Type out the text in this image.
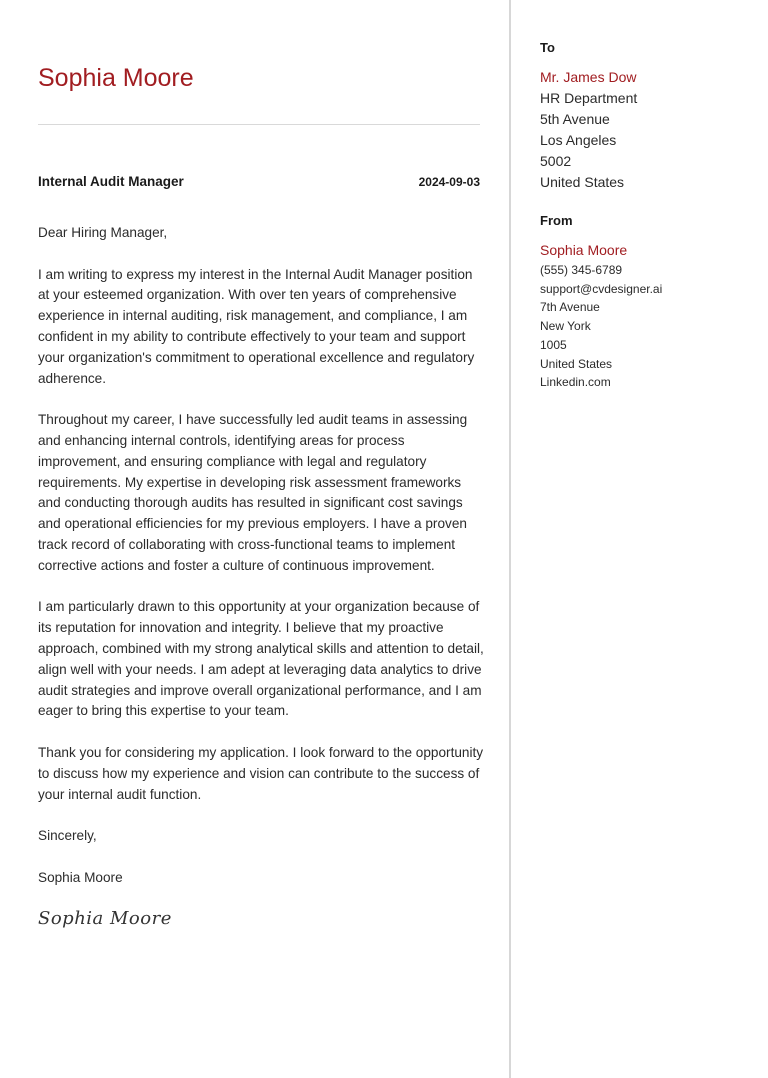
Sophia Moore
Internal Audit Manager	2024-09-03

Dear Hiring Manager,

I am writing to express my interest in the Internal Audit Manager position at your esteemed organization. With over ten years of comprehensive experience in internal auditing, risk management, and compliance, I am confident in my ability to contribute effectively to your team and support your organization's commitment to operational excellence and regulatory adherence.

Throughout my career, I have successfully led audit teams in assessing and enhancing internal controls, identifying areas for process improvement, and ensuring compliance with legal and regulatory requirements. My expertise in developing risk assessment frameworks and conducting thorough audits has resulted in significant cost savings and operational efficiencies for my previous employers. I have a proven track record of collaborating with cross-functional teams to implement corrective actions and foster a culture of continuous improvement.

I am particularly drawn to this opportunity at your organization because of its reputation for innovation and integrity. I believe that my proactive approach, combined with my strong analytical skills and attention to detail, align well with your needs. I am adept at leveraging data analytics to drive audit strategies and improve overall organizational performance, and I am eager to bring this expertise to your team.

Thank you for considering my application. I look forward to the opportunity to discuss how my experience and vision can contribute to the success of your internal audit function.

Sincerely,

Sophia Moore

Sophia Moore
To
Mr. James Dow
HR Department
5th Avenue
Los Angeles
5002
United States
From
Sophia Moore
(555) 345-6789
support@cvdesigner.ai
7th Avenue
New York
1005
United States
Linkedin.com
